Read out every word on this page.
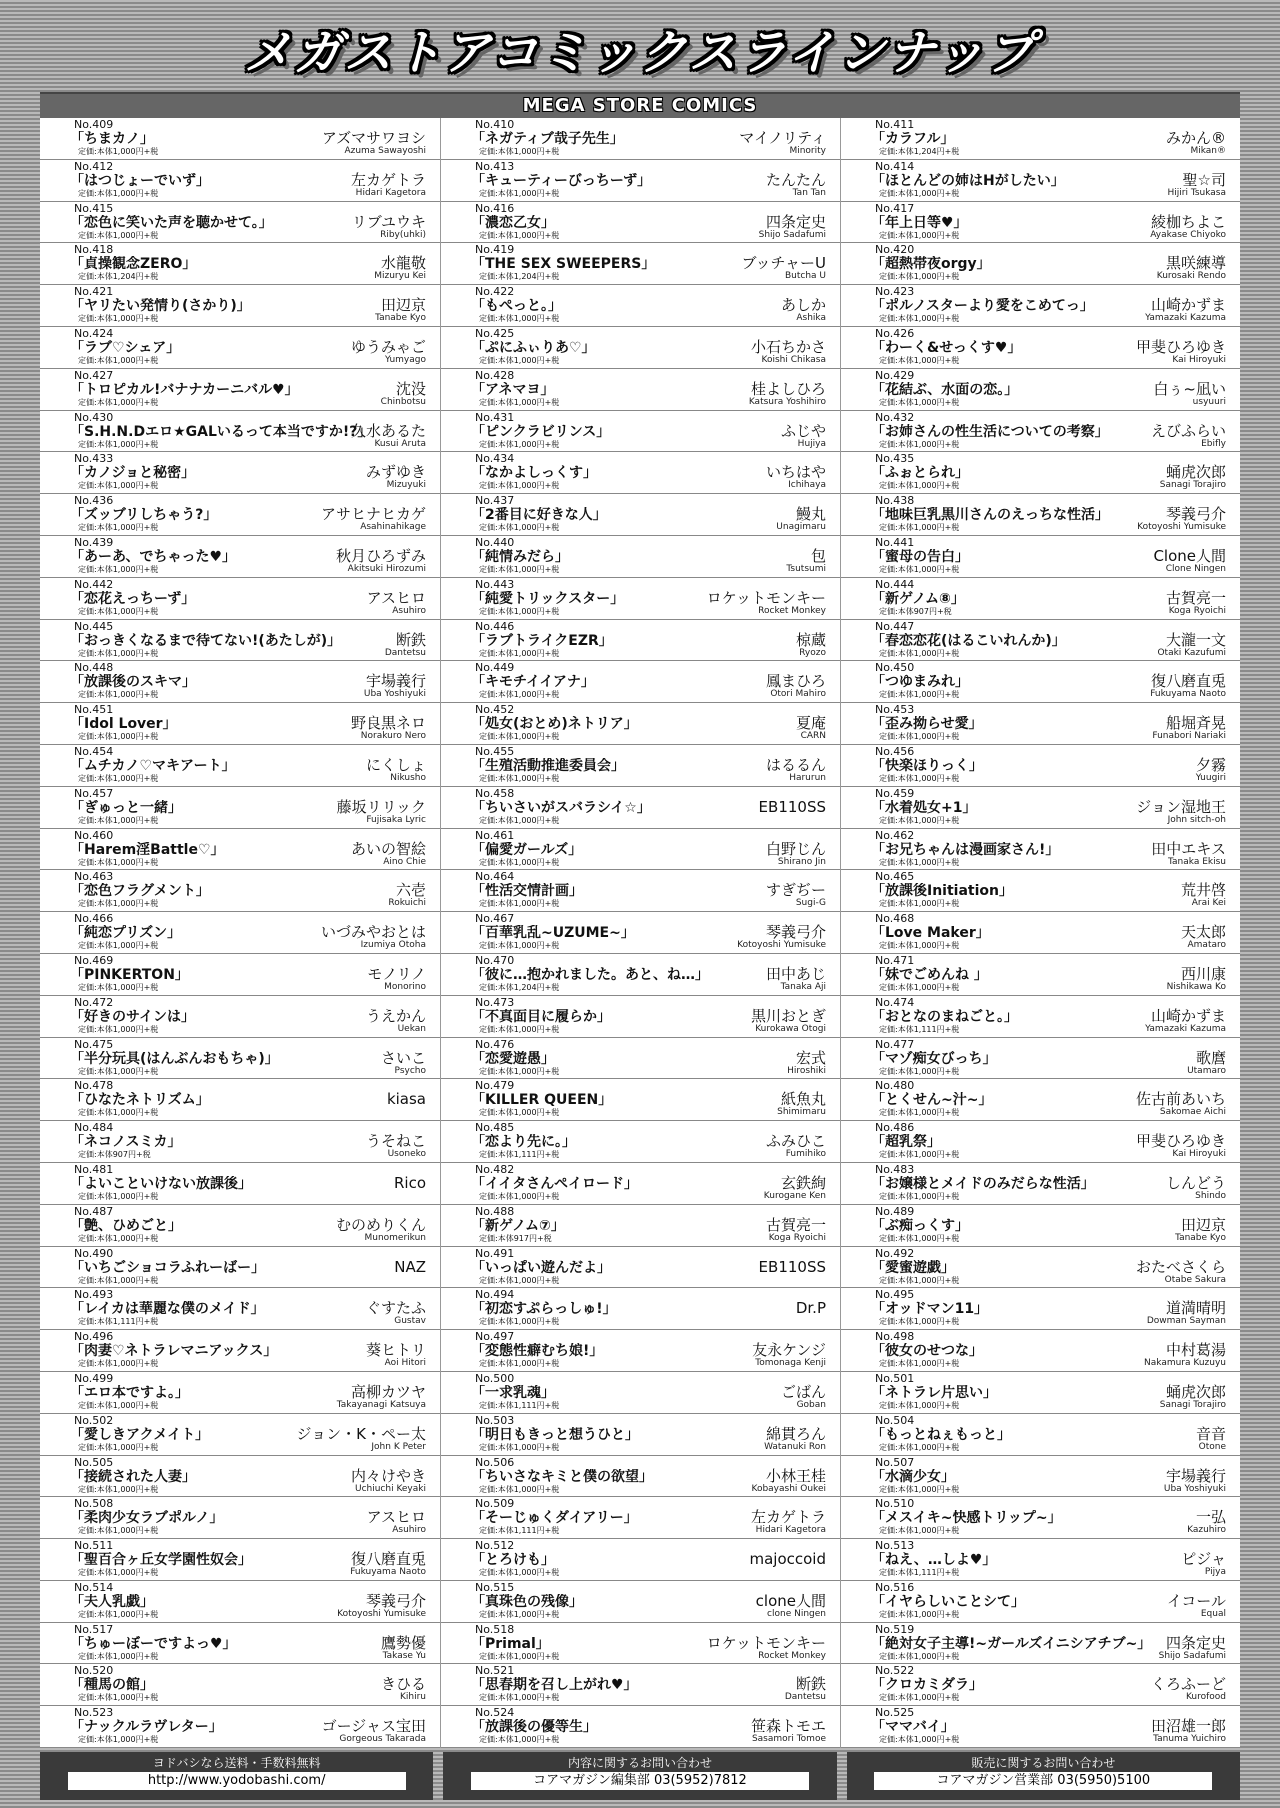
メガストアコミックスラインナップ
MEGA STORE COMICS
No.409
「ちまカノ」
定価:本体1,000円+税
アズマサワヨシ
Azuma Sawayoshi
No.412
「はつじょーでいず」
定価:本体1,000円+税
左カゲトラ
Hidari Kagetora
No.415
「恋色に笑いた声を聴かせて。」
定価:本体1,000円+税
リブユウキ
Riby(uhki)
No.418
「貞操観念ZERO」
定価:本体1,204円+税
水龍敬
Mizuryu Kei
No.421
「ヤリたい発情り(さかり)」
定価:本体1,000円+税
田辺京
Tanabe Kyo
No.424
「ラブ♡シェア」
定価:本体1,000円+税
ゆうみゃご
Yumyago
No.427
「トロピカル!バナナカーニバル♥」
定価:本体1,000円+税
沈没
Chinbotsu
No.430
「S.H.N.Dエロ★GALいるって本当ですか!?」
定価:本体1,000円+税
久水あるた
Kusui Aruta
No.433
「カノジョと秘密」
定価:本体1,000円+税
みずゆき
Mizuyuki
No.436
「ズッブリしちゃう?」
定価:本体1,000円+税
アサヒナヒカゲ
Asahinahikage
No.439
「あーあ、でちゃった♥」
定価:本体1,000円+税
秋月ひろずみ
Akitsuki Hirozumi
No.442
「恋花えっちーず」
定価:本体1,000円+税
アスヒロ
Asuhiro
No.445
「おっきくなるまで待てない!(あたしが)」
定価:本体1,000円+税
断鉄
Dantetsu
No.448
「放課後のスキマ」
定価:本体1,000円+税
宇場義行
Uba Yoshiyuki
No.451
「Idol Lover」
定価:本体1,000円+税
野良黒ネロ
Norakuro Nero
No.454
「ムチカノ♡マキアート」
定価:本体1,000円+税
にくしょ
Nikusho
No.457
「ぎゅっと一緒」
定価:本体1,000円+税
藤坂リリック
Fujisaka Lyric
No.460
「Harem淫Battle♡」
定価:本体1,000円+税
あいの智絵
Aino Chie
No.463
「恋色フラグメント」
定価:本体1,000円+税
六壱
Rokuichi
No.466
「純恋プリズン」
定価:本体1,000円+税
いづみやおとは
Izumiya Otoha
No.469
「PINKERTON」
定価:本体1,000円+税
モノリノ
Monorino
No.472
「好きのサインは」
定価:本体1,000円+税
うえかん
Uekan
No.475
「半分玩具(はんぶんおもちゃ)」
定価:本体1,000円+税
さいこ
Psycho
No.478
「ひなたネトリズム」
定価:本体1,000円+税
kiasa
No.484
「ネコノスミカ」
定価:本体907円+税
うそねこ
Usoneko
No.481
「よいこといけない放課後」
定価:本体1,000円+税
Rico
No.487
「艶、ひめごと」
定価:本体1,000円+税
むのめりくん
Munomerikun
No.490
「いちごショコラふれーばー」
定価:本体1,000円+税
NAZ
No.493
「レイカは華麗な僕のメイド」
定価:本体1,111円+税
ぐすたふ
Gustav
No.496
「肉妻♡ネトラレマニアックス」
定価:本体1,000円+税
葵ヒトリ
Aoi Hitori
No.499
「エロ本ですよ。」
定価:本体1,000円+税
高柳カツヤ
Takayanagi Katsuya
No.502
「愛しきアクメイト」
定価:本体1,000円+税
ジョン・K・ペー太
John K Peter
No.505
「接続された人妻」
定価:本体1,000円+税
内々けやき
Uchiuchi Keyaki
No.508
「柔肉少女ラブポルノ」
定価:本体1,000円+税
アスヒロ
Asuhiro
No.511
「聖百合ヶ丘女学園性奴会」
定価:本体1,000円+税
復八磨直兎
Fukuyama Naoto
No.514
「夫人乳戯」
定価:本体1,000円+税
琴義弓介
Kotoyoshi Yumisuke
No.517
「ちゅーぼーですよっ♥」
定価:本体1,000円+税
鷹勢優
Takase Yu
No.520
「種馬の館」
定価:本体1,000円+税
きひる
Kihiru
No.523
「ナックルラヴレター」
定価:本体1,000円+税
ゴージャス宝田
Gorgeous Takarada
No.410
「ネガティブ哉子先生」
定価:本体1,000円+税
マイノリティ
Minority
No.413
「キューティーびっちーず」
定価:本体1,000円+税
たんたん
Tan Tan
No.416
「濃恋乙女」
定価:本体1,000円+税
四条定史
Shijo Sadafumi
No.419
「THE SEX SWEEPERS」
定価:本体1,204円+税
ブッチャーU
Butcha U
No.422
「もぺっと。」
定価:本体1,000円+税
あしか
Ashika
No.425
「ぷにふぃりあ♡」
定価:本体1,000円+税
小石ちかさ
Koishi Chikasa
No.428
「アネマヨ」
定価:本体1,000円+税
桂よしひろ
Katsura Yoshihiro
No.431
「ピンクラビリンス」
定価:本体1,000円+税
ふじや
Hujiya
No.434
「なかよしっくす」
定価:本体1,000円+税
いちはや
Ichihaya
No.437
「2番目に好きな人」
定価:本体1,000円+税
鰻丸
Unagimaru
No.440
「純情みだら」
定価:本体1,000円+税
包
Tsutsumi
No.443
「純愛トリックスター」
定価:本体1,000円+税
ロケットモンキー
Rocket Monkey
No.446
「ラブトライクEZR」
定価:本体1,000円+税
椋蔵
Ryozo
No.449
「キモチイイアナ」
定価:本体1,000円+税
鳳まひろ
Otori Mahiro
No.452
「処女(おとめ)ネトリア」
定価:本体1,000円+税
夏庵
CARN
No.455
「生殖活動推進委員会」
定価:本体1,000円+税
はるるん
Harurun
No.458
「ちいさいがスバラシイ☆」
定価:本体1,000円+税
EB110SS
No.461
「偏愛ガールズ」
定価:本体1,000円+税
白野じん
Shirano Jin
No.464
「性活交情計画」
定価:本体1,000円+税
すぎぢー
Sugi-G
No.467
「百華乳乱~UZUME~」
定価:本体1,000円+税
琴義弓介
Kotoyoshi Yumisuke
No.470
「彼に…抱かれました。あと、ね…」
定価:本体1,204円+税
田中あじ
Tanaka Aji
No.473
「不真面目に履らか」
定価:本体1,000円+税
黒川おとぎ
Kurokawa Otogi
No.476
「恋愛遊愚」
定価:本体1,000円+税
宏式
Hiroshiki
No.479
「KILLER QUEEN」
定価:本体1,000円+税
紙魚丸
Shimimaru
No.485
「恋より先に。」
定価:本体1,111円+税
ふみひこ
Fumihiko
No.482
「イイタさんペイロード」
定価:本体1,000円+税
玄鉄絢
Kurogane Ken
No.488
「新ゲノム⑦」
定価:本体917円+税
古賀亮一
Koga Ryoichi
No.491
「いっぱい遊んだよ」
定価:本体1,000円+税
EB110SS
No.494
「初恋すぷらっしゅ!」
定価:本体1,000円+税
Dr.P
No.497
「変態性癖むち娘!」
定価:本体1,000円+税
友永ケンジ
Tomonaga Kenji
No.500
「一求乳魂」
定価:本体1,111円+税
ごばん
Goban
No.503
「明日もきっと想うひと」
定価:本体1,000円+税
綿貫ろん
Watanuki Ron
No.506
「ちいさなキミと僕の欲望」
定価:本体1,000円+税
小林王桂
Kobayashi Oukei
No.509
「そーじゅくダイアリー」
定価:本体1,111円+税
左カゲトラ
Hidari Kagetora
No.512
「とろけも」
定価:本体1,000円+税
majoccoid
No.515
「真珠色の残像」
定価:本体1,000円+税
clone人間
clone Ningen
No.518
「Primal」
定価:本体1,000円+税
ロケットモンキー
Rocket Monkey
No.521
「思春期を召し上がれ♥」
定価:本体1,000円+税
断鉄
Dantetsu
No.524
「放課後の優等生」
定価:本体1,000円+税
笹森トモエ
Sasamori Tomoe
No.411
「カラフル」
定価:本体1,204円+税
みかん®
Mikan®
No.414
「ほとんどの姉はHがしたい」
定価:本体1,000円+税
聖☆司
Hijiri Tsukasa
No.417
「年上日等♥」
定価:本体1,000円+税
綾枷ちよこ
Ayakase Chiyoko
No.420
「超熱帯夜orgy」
定価:本体1,000円+税
黒咲練導
Kurosaki Rendo
No.423
「ポルノスターより愛をこめてっ」
定価:本体1,000円+税
山崎かずま
Yamazaki Kazuma
No.426
「わーく&せっくす♥」
定価:本体1,000円+税
甲斐ひろゆき
Kai Hiroyuki
No.429
「花結ぶ、水面の恋。」
定価:本体1,000円+税
白ぅ~凪い
usyuuri
No.432
「お姉さんの性生活についての考察」
定価:本体1,000円+税
えびふらい
Ebifly
No.435
「ふぉとられ」
定価:本体1,000円+税
蛹虎次郎
Sanagi Torajiro
No.438
「地味巨乳黒川さんのえっちな性活」
定価:本体1,000円+税
琴義弓介
Kotoyoshi Yumisuke
No.441
「蜜母の告白」
定価:本体1,000円+税
Clone人間
Clone Ningen
No.444
「新ゲノム⑧」
定価:本体907円+税
古賀亮一
Koga Ryoichi
No.447
「春恋恋花(はるこいれんか)」
定価:本体1,000円+税
大瀧一文
Otaki Kazufumi
No.450
「つゆまみれ」
定価:本体1,000円+税
復八磨直兎
Fukuyama Naoto
No.453
「歪み拗らせ愛」
定価:本体1,000円+税
船堀斉晃
Funabori Nariaki
No.456
「快楽ほりっく」
定価:本体1,000円+税
夕霧
Yuugiri
No.459
「水着処女+1」
定価:本体1,000円+税
ジョン湿地王
John sitch-oh
No.462
「お兄ちゃんは漫画家さん!」
定価:本体1,000円+税
田中エキス
Tanaka Ekisu
No.465
「放課後Initiation」
定価:本体1,000円+税
荒井啓
Arai Kei
No.468
「Love Maker」
定価:本体1,000円+税
天太郎
Amataro
No.471
「妹でごめんね 」
定価:本体1,000円+税
西川康
Nishikawa Ko
No.474
「おとなのまねごと。」
定価:本体1,111円+税
山崎かずま
Yamazaki Kazuma
No.477
「マゾ痴女びっち」
定価:本体1,000円+税
歌麿
Utamaro
No.480
「とくせん~汁~」
定価:本体1,000円+税
佐古前あいち
Sakomae Aichi
No.486
「超乳祭」
定価:本体1,000円+税
甲斐ひろゆき
Kai Hiroyuki
No.483
「お嬢様とメイドのみだらな性活」
定価:本体1,000円+税
しんどう
Shindo
No.489
「ぶ痴っくす」
定価:本体1,000円+税
田辺京
Tanabe Kyo
No.492
「愛蜜遊戯」
定価:本体1,000円+税
おたべさくら
Otabe Sakura
No.495
「オッドマン11」
定価:本体1,000円+税
道満晴明
Dowman Sayman
No.498
「彼女のせつな」
定価:本体1,000円+税
中村葛湯
Nakamura Kuzuyu
No.501
「ネトラレ片思い」
定価:本体1,000円+税
蛹虎次郎
Sanagi Torajiro
No.504
「もっとねぇもっと」
定価:本体1,000円+税
音音
Otone
No.507
「水滴少女」
定価:本体1,000円+税
宇場義行
Uba Yoshiyuki
No.510
「メスイキ~快感トリップ~」
定価:本体1,000円+税
一弘
Kazuhiro
No.513
「ねえ、…しよ♥」
定価:本体1,111円+税
ピジャ
Pijya
No.516
「イヤらしいことシて」
定価:本体1,000円+税
イコール
Equal
No.519
「絶対女子主導!~ガールズイニシアチブ~」
定価:本体1,000円+税
四条定史
Shijo Sadafumi
No.522
「クロカミダラ」
定価:本体1,000円+税
くろふーど
Kurofood
No.525
「ママバイ」
定価:本体1,000円+税
田沼雄一郎
Tanuma Yuichiro
ヨドバシなら送料・手数料無料
http://www.yodobashi.com/
内容に関するお問い合わせ
コアマガジン編集部 03(5952)7812
販売に関するお問い合わせ
コアマガジン営業部 03(5950)5100
